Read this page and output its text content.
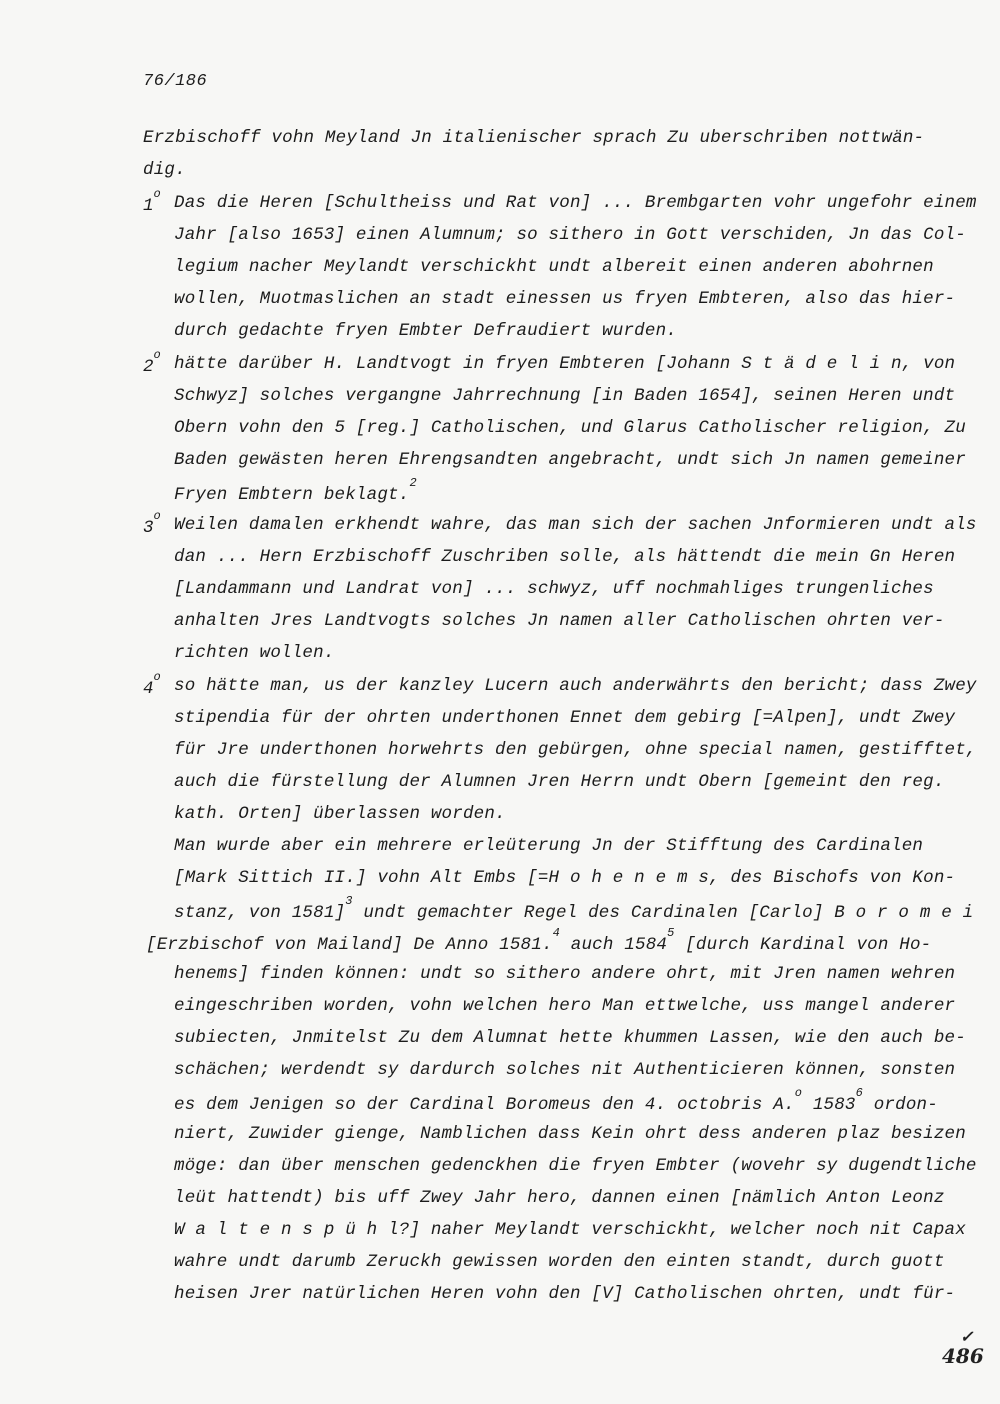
76/186
Erzbischoff vohn Meyland Jn italienischer sprach Zu uberschriben nottwän-
dig.
1$^o$ Das die Heren [Schultheiss und Rat von] ... Brembgarten vohr ungefohr einem
Jahr [also 1653] einen Alumnum; so sithero in Gott verschiden, Jn das Col-
legium nacher Meylandt verschickht undt albereit einen anderen abohrnen
wollen, Muotmaslichen an stadt einessen us fryen Embteren, also das hier-
durch gedachte fryen Embter Defraudiert wurden.
2$^o$ hätte darüber H. Landtvogt in fryen Embteren [Johann S t ä d e l i n, von
Schwyz] solches vergangne Jahrrechnung [in Baden 1654], seinen Heren undt
Obern vohn den 5 [reg.] Catholischen, und Glarus Catholischer religion, Zu
Baden gewästen heren Ehrengsandten angebracht, undt sich Jn namen gemeiner
Fryen Embtern beklagt.$^2$
3$^o$ Weilen damalen erkhendt wahre, das man sich der sachen Jnformieren undt als
dan ... Hern Erzbischoff Zuschriben solle, als hättendt die mein Gn Heren
[Landammann und Landrat von] ... schwyz, uff nochmahliges trungenliches
anhalten Jres Landtvogts solches Jn namen aller Catholischen ohrten ver-
richten wollen.
4$^o$ so hätte man, us der kanzley Lucern auch anderwährts den bericht; dass Zwey
stipendia für der ohrten underthonen Ennet dem gebirg [=Alpen], undt Zwey
für Jre underthonen horwehrts den gebürgen, ohne special namen, gestifftet,
auch die fürstellung der Alumnen Jren Herrn undt Obern [gemeint den reg.
kath. Orten] überlassen worden.
Man wurde aber ein mehrere erleüterung Jn der Stifftung des Cardinalen
[Mark Sittich II.] vohn Alt Embs [=H o h e n e m s, des Bischofs von Kon-
stanz, von 1581]$^3$ undt gemachter Regel des Cardinalen [Carlo] B o r o m e i
[Erzbischof von Mailand] De Anno 1581.$^4$ auch 1584$^5$ [durch Kardinal von Ho-
henems] finden können: undt so sithero andere ohrt, mit Jren namen wehren
eingeschriben worden, vohn welchen hero Man ettwelche, uss mangel anderer
subiecten, Jnmitelst Zu dem Alumnat hette khummen Lassen, wie den auch be-
schächen; werdendt sy dardurch solches nit Authenticieren können, sonsten
es dem Jenigen so der Cardinal Boromeus den 4. octobris A.$^o$ 1583$^6$ ordon-
niert, Zuwider gienge, Namblichen dass Kein ohrt dess anderen plaz besizen
möge: dan über menschen gedenckhen die fryen Embter (wovehr sy dugendtliche
leüt hattendt) bis uff Zwey Jahr hero, dannen einen [nämlich Anton Leonz
W a l t e n s p ü h l?] naher Meylandt verschickht, welcher noch nit Capax
wahre undt darumb Zeruckh gewissen worden den einten standt, durch guott
heisen Jrer natürlichen Heren vohn den [V] Catholischen ohrten, undt für-
✓
486
